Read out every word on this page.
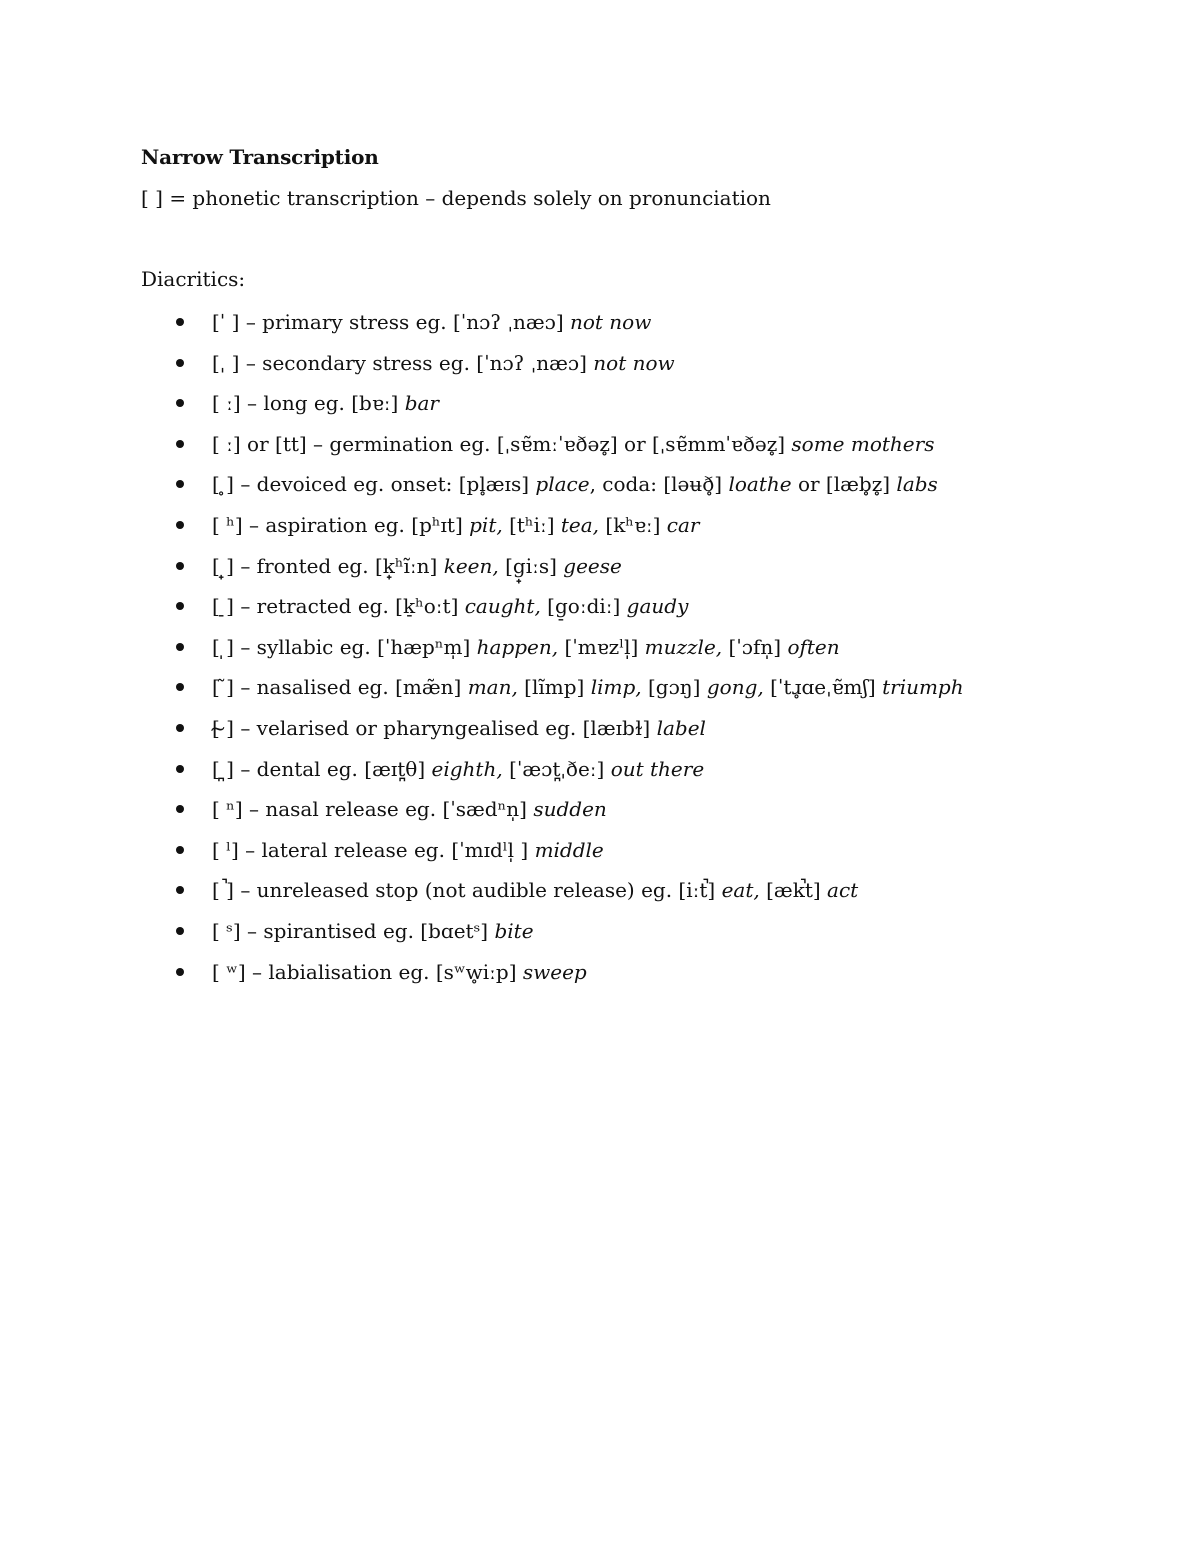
Narrow Transcription
[ ] = phonetic transcription – depends solely on pronunciation
Diacritics:
[ˈ ] – primary stress eg. [ˈnɔʔ ˌnæɔ] not now
[ˌ ] – secondary stress eg. [ˈnɔʔ ˌnæɔ] not now
[ ː] – long eg. [bɐː] bar
[ ː] or [tt] – germination eg. [ˌsɐ̃mːˈɐðəz̥] or [ˌsɐ̃mmˈɐðəz̥] some mothers
[ ̥] – devoiced eg. onset: [pl̥æɪs] place, coda: [ləʉð̥] loathe or [læb̥z̥] labs
[ ʰ] – aspiration eg. [pʰɪt] pit, [tʰiː] tea, [kʰɐː] car
[ ̟] – fronted eg. [k̟ʰĩːn] keen, [g̟iːs] geese
[ ̠] – retracted eg. [k̠ʰoːt] caught, [g̠oːdiː] gaudy
[ ̩] – syllabic eg. [ˈhæpⁿm̩] happen, [ˈmɐzˡl̩] muzzle, [ˈɔfn̩] often
[ ̃] – nasalised eg. [mæ̃n] man, [lĩmp] limp, [gɔŋ] gong, [ˈtɹ̥ɑeˌɐ̃mʃ] triumph
[ ̴] – velarised or pharyngealised eg. [læɪbɫ] label
[ ̪] – dental eg. [æɪt̪θ] eighth, [ˈæɔt̪ˌðeː] out there
[ ⁿ] – nasal release eg. [ˈsædⁿn̩] sudden
[ ˡ] – lateral release eg. [ˈmɪdˡl̩ ] middle
[ ̚] – unreleased stop (not audible release) eg. [iːt̚] eat, [æk̚t] act
[ ˢ] – spirantised eg. [bɑetˢ] bite
[ ʷ] – labialisation eg. [sʷw̥iːp] sweep
